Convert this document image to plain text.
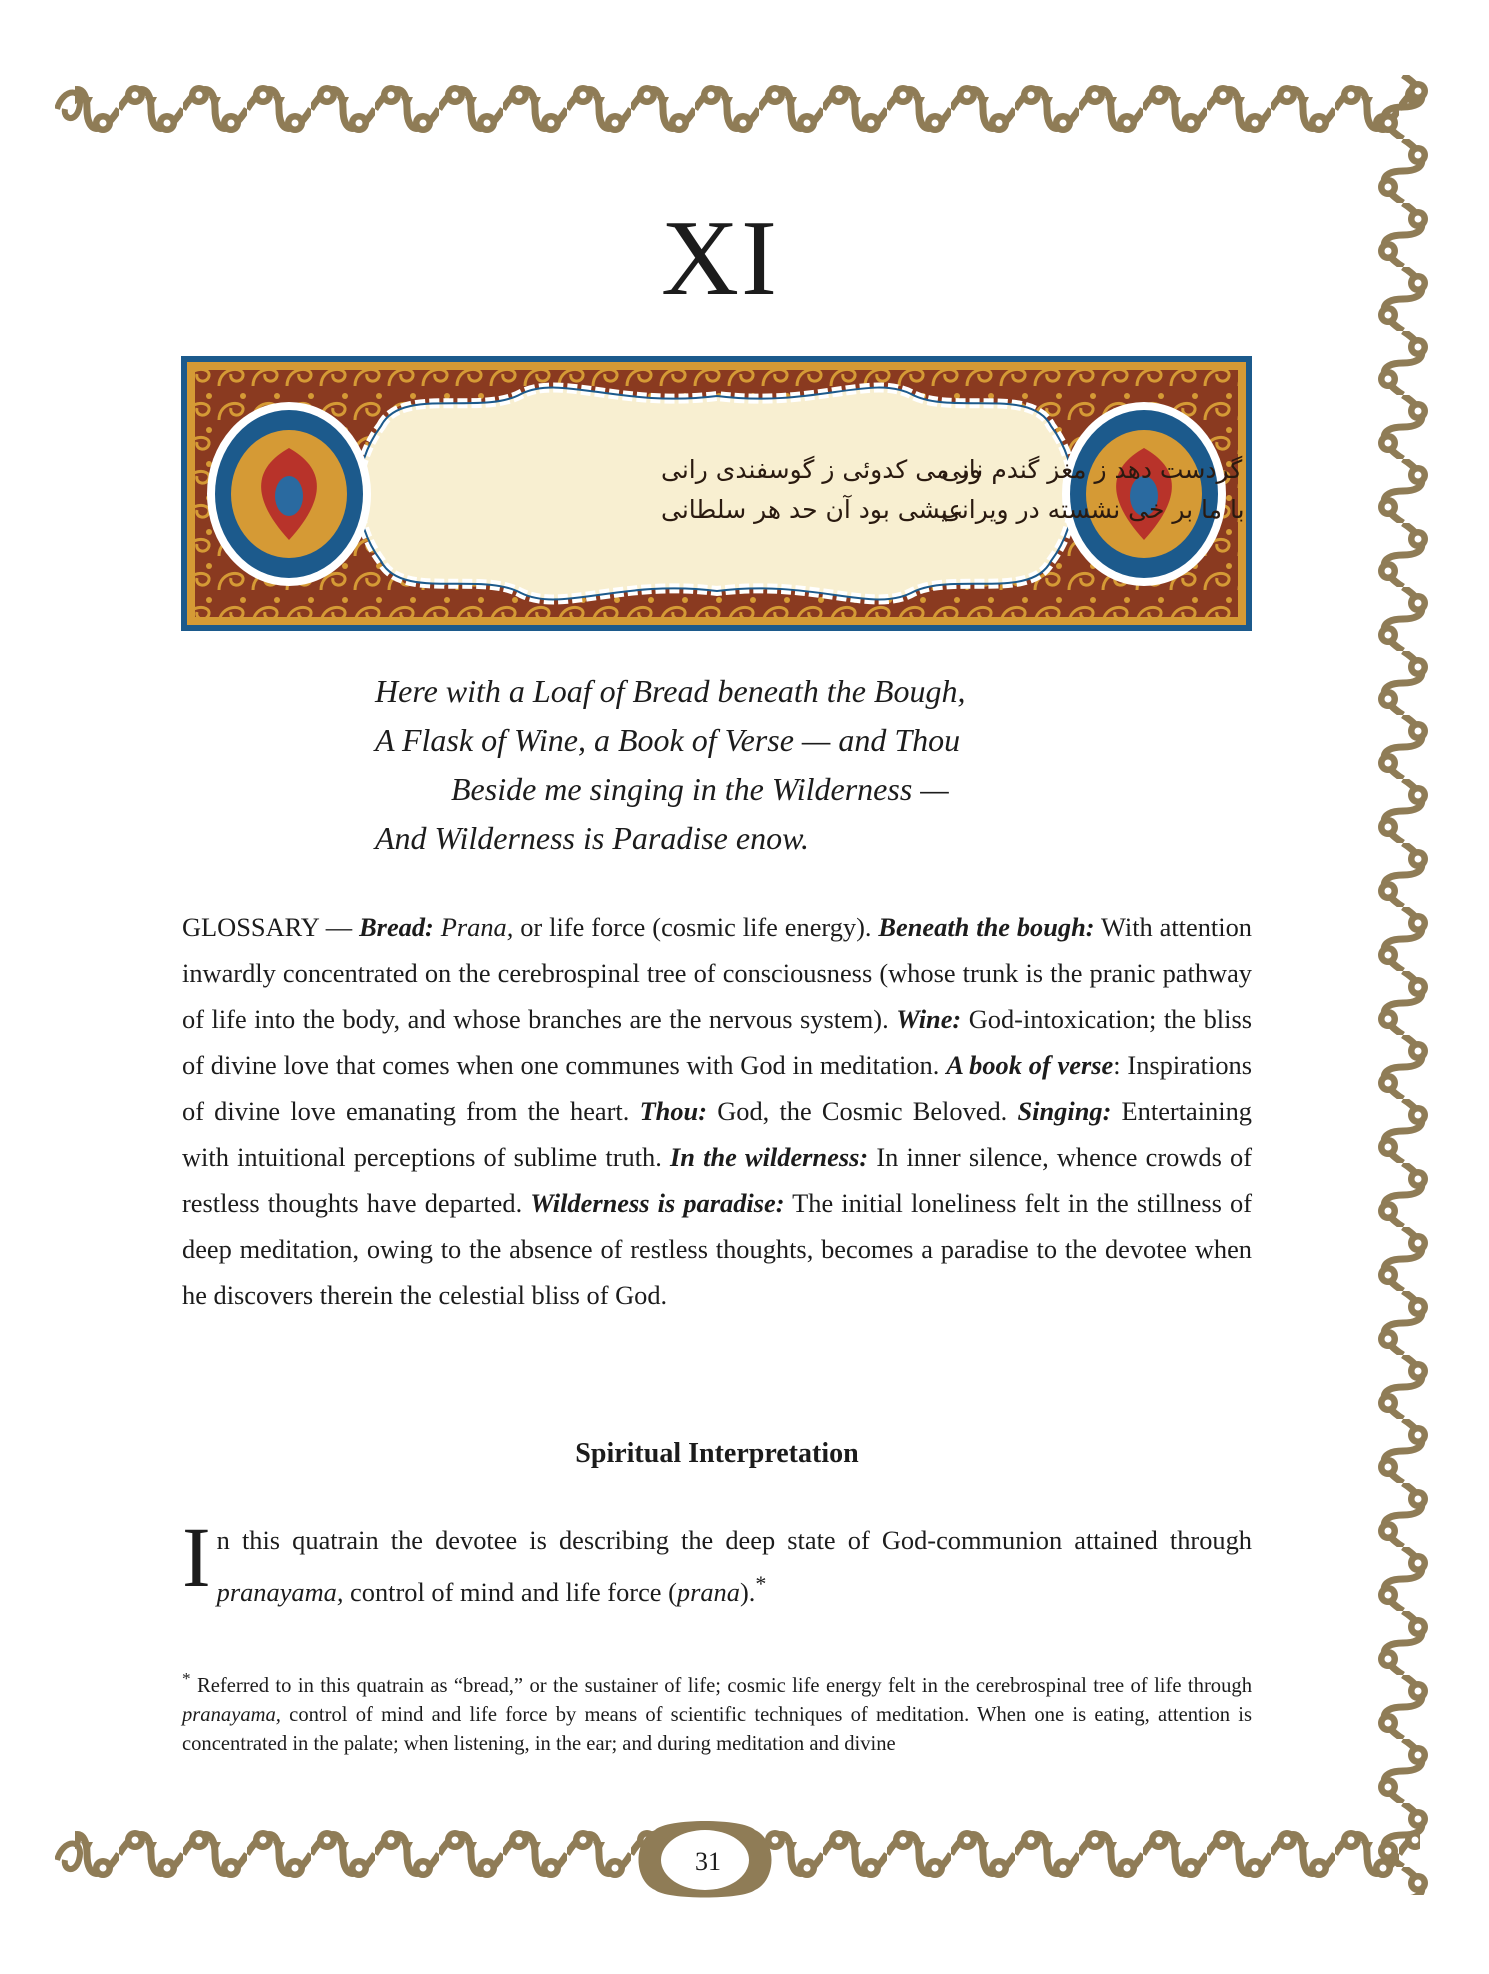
XI
گردست دهد ز مغز گندم نانی
با ما بر خی نشسته در ویرانی
وز می کدوئی ز گوسفندی رانی
عیشی بود آن حد هر سلطانی
Here with a Loaf of Bread beneath the Bough,
A Flask of Wine, a Book of Verse — and Thou
Beside me singing in the Wilderness —
And Wilderness is Paradise enow.
GLOSSARY — Bread: Prana, or life force (cosmic life energy). Beneath the bough: With attention inwardly concentrated on the cerebrospinal tree of consciousness (whose trunk is the pranic pathway of life into the body, and whose branches are the nervous system). Wine: God-intoxication; the bliss of divine love that comes when one communes with God in meditation. A book of verse: Inspirations of divine love emanating from the heart. Thou: God, the Cosmic Beloved. Singing: Entertaining with intuitional perceptions of sublime truth. In the wilderness: In inner silence, whence crowds of restless thoughts have departed. Wilderness is paradise: The initial loneliness felt in the stillness of deep meditation, owing to the absence of restless thoughts, becomes a paradise to the devotee when he discovers therein the celestial bliss of God.
Spiritual Interpretation
In this quatrain the devotee is describing the deep state of God-communion attained through pranayama, control of mind and life force (prana).*
* Referred to in this quatrain as “bread,” or the sustainer of life; cosmic life energy felt in the cerebrospinal tree of life through pranayama, control of mind and life force by means of scientific techniques of meditation. When one is eating, attention is concentrated in the palate; when listening, in the ear; and during meditation and divine
31
